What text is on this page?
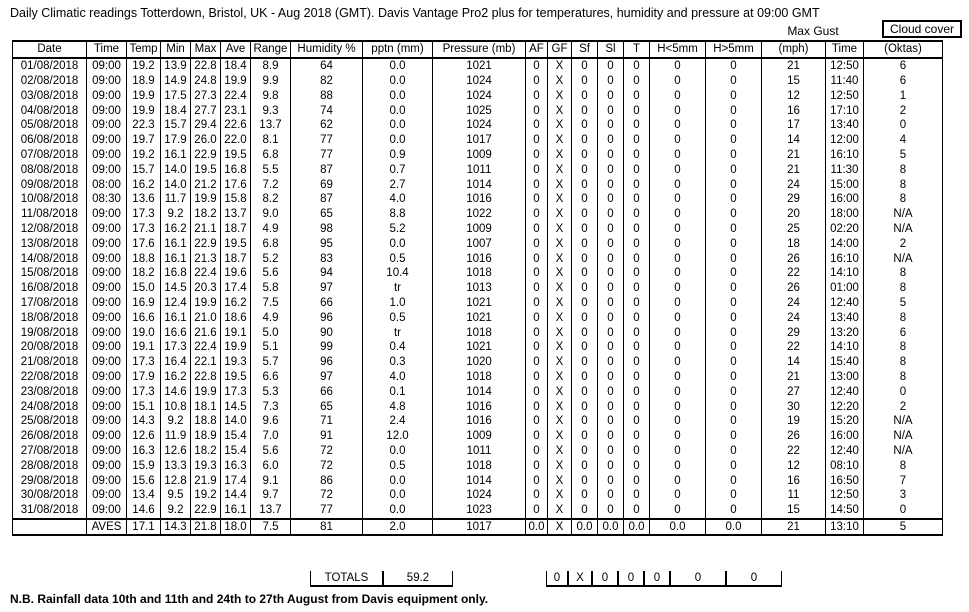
Daily Climatic readings Totterdown, Bristol, UK - Aug 2018 (GMT). Davis Vantage Pro2 plus for temperatures, humidity and pressure at 09:00 GMT
Max Gust	Cloud cover
Date	Time	Temp	Min	Max	Ave	Range	Humidity %	pptn (mm)	Pressure (mb)	AF	GF	Sf	Sl	T	H<5mm	H>5mm	(mph)	Time	(Oktas)
01/08/2018	09:00	19.2	13.9	22.8	18.4	8.9	64	0.0	1021	0	X	0	0	0	0	0	21	12:50	6
02/08/2018	09:00	18.9	14.9	24.8	19.9	9.9	82	0.0	1024	0	X	0	0	0	0	0	15	11:40	6
03/08/2018	09:00	19.9	17.5	27.3	22.4	9.8	88	0.0	1024	0	X	0	0	0	0	0	12	12:50	1
04/08/2018	09:00	19.9	18.4	27.7	23.1	9.3	74	0.0	1025	0	X	0	0	0	0	0	16	17:10	2
05/08/2018	09:00	22.3	15.7	29.4	22.6	13.7	62	0.0	1024	0	X	0	0	0	0	0	17	13:40	0
06/08/2018	09:00	19.7	17.9	26.0	22.0	8.1	77	0.0	1017	0	X	0	0	0	0	0	14	12:00	4
07/08/2018	09:00	19.2	16.1	22.9	19.5	6.8	77	0.9	1009	0	X	0	0	0	0	0	21	16:10	5
08/08/2018	09:00	15.7	14.0	19.5	16.8	5.5	87	0.7	1011	0	X	0	0	0	0	0	21	11:30	8
09/08/2018	08:00	16.2	14.0	21.2	17.6	7.2	69	2.7	1014	0	X	0	0	0	0	0	24	15:00	8
10/08/2018	08:30	13.6	11.7	19.9	15.8	8.2	87	4.0	1016	0	X	0	0	0	0	0	29	16:00	8
11/08/2018	09:00	17.3	9.2	18.2	13.7	9.0	65	8.8	1022	0	X	0	0	0	0	0	20	18:00	N/A
12/08/2018	09:00	17.3	16.2	21.1	18.7	4.9	98	5.2	1009	0	X	0	0	0	0	0	25	02:20	N/A
13/08/2018	09:00	17.6	16.1	22.9	19.5	6.8	95	0.0	1007	0	X	0	0	0	0	0	18	14:00	2
14/08/2018	09:00	18.8	16.1	21.3	18.7	5.2	83	0.5	1016	0	X	0	0	0	0	0	26	16:10	N/A
15/08/2018	09:00	18.2	16.8	22.4	19.6	5.6	94	10.4	1018	0	X	0	0	0	0	0	22	14:10	8
16/08/2018	09:00	15.0	14.5	20.3	17.4	5.8	97	tr	1013	0	X	0	0	0	0	0	26	01:00	8
17/08/2018	09:00	16.9	12.4	19.9	16.2	7.5	66	1.0	1021	0	X	0	0	0	0	0	24	12:40	5
18/08/2018	09:00	16.6	16.1	21.0	18.6	4.9	96	0.5	1021	0	X	0	0	0	0	0	24	13:40	8
19/08/2018	09:00	19.0	16.6	21.6	19.1	5.0	90	tr	1018	0	X	0	0	0	0	0	29	13:20	6
20/08/2018	09:00	19.1	17.3	22.4	19.9	5.1	99	0.4	1021	0	X	0	0	0	0	0	22	14:10	8
21/08/2018	09:00	17.3	16.4	22.1	19.3	5.7	96	0.3	1020	0	X	0	0	0	0	0	14	15:40	8
22/08/2018	09:00	17.9	16.2	22.8	19.5	6.6	97	4.0	1018	0	X	0	0	0	0	0	21	13:00	8
23/08/2018	09:00	17.3	14.6	19.9	17.3	5.3	66	0.1	1014	0	X	0	0	0	0	0	27	12:40	0
24/08/2018	09:00	15.1	10.8	18.1	14.5	7.3	65	4.8	1016	0	X	0	0	0	0	0	30	12:20	2
25/08/2018	09:00	14.3	9.2	18.8	14.0	9.6	71	2.4	1016	0	X	0	0	0	0	0	19	15:20	N/A
26/08/2018	09:00	12.6	11.9	18.9	15.4	7.0	91	12.0	1009	0	X	0	0	0	0	0	26	16:00	N/A
27/08/2018	09:00	16.3	12.6	18.2	15.4	5.6	72	0.0	1011	0	X	0	0	0	0	0	22	12:40	N/A
28/08/2018	09:00	15.9	13.3	19.3	16.3	6.0	72	0.5	1018	0	X	0	0	0	0	0	12	08:10	8
29/08/2018	09:00	15.6	12.8	21.9	17.4	9.1	86	0.0	1014	0	X	0	0	0	0	0	16	16:50	7
30/08/2018	09:00	13.4	9.5	19.2	14.4	9.7	72	0.0	1024	0	X	0	0	0	0	0	11	12:50	3
31/08/2018	09:00	14.6	9.2	22.9	16.1	13.7	77	0.0	1023	0	X	0	0	0	0	0	15	14:50	0
	AVES	17.1	14.3	21.8	18.0	7.5	81	2.0	1017	0.0	X	0.0	0.0	0.0	0.0	0.0	21	13:10	5
TOTALS	59.2	0	X	0	0	0	0	0
N.B. Rainfall data 10th and 11th and 24th to 27th August from Davis equipment only.
